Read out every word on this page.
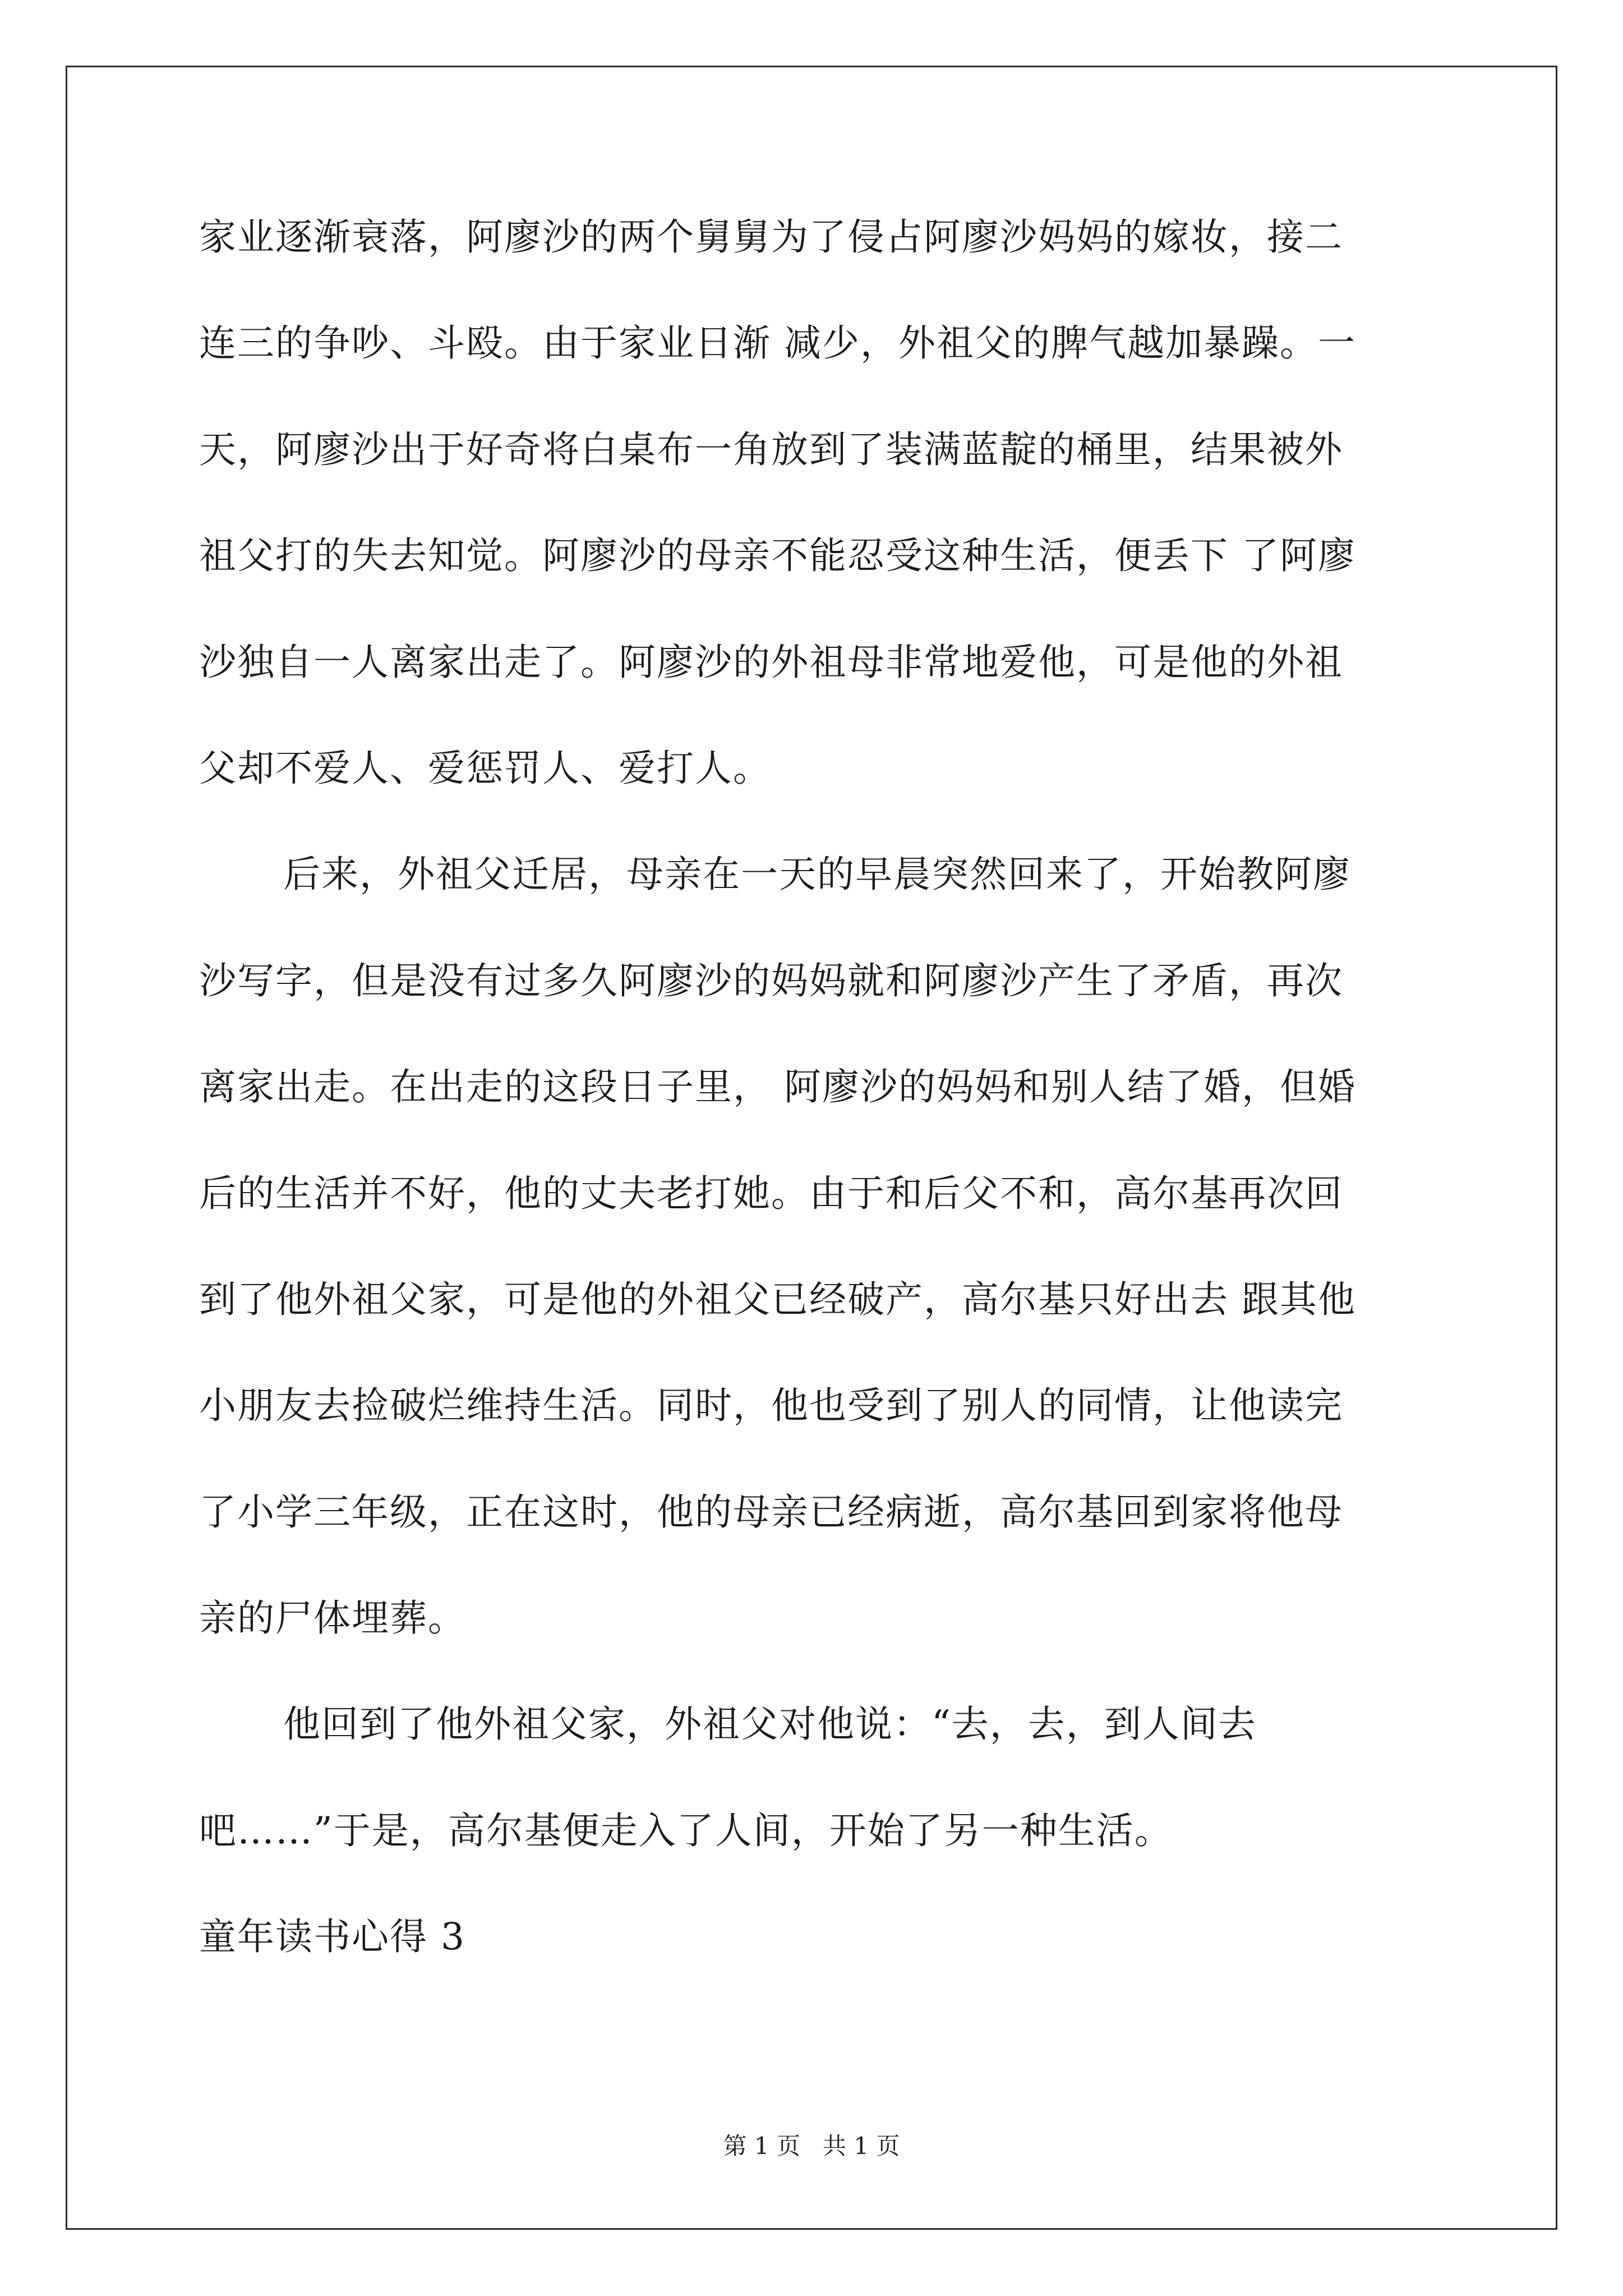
家业逐渐衰落，阿廖沙的两个舅舅为了侵占阿廖沙妈妈的嫁妆，接二
连三的争吵、斗殴。由于家业日渐 减少，外祖父的脾气越加暴躁。一
天，阿廖沙出于好奇将白桌布一角放到了装满蓝靛的桶里，结果被外
祖父打的失去知觉。阿廖沙的母亲不能忍受这种生活，便丢下 了阿廖
沙独自一人离家出走了。阿廖沙的外祖母非常地爱他，可是他的外祖
父却不爱人、爱惩罚人、爱打人。
后来，外祖父迁居，母亲在一天的早晨突然回来了，开始教阿廖
沙写字，但是没有过多久阿廖沙的妈妈就和阿廖沙产生了矛盾，再次
离家出走。在出走的这段日子里， 阿廖沙的妈妈和别人结了婚，但婚
后的生活并不好，他的丈夫老打她。由于和后父不和，高尔基再次回
到了他外祖父家，可是他的外祖父已经破产，高尔基只好出去 跟其他
小朋友去捡破烂维持生活。同时，他也受到了别人的同情，让他读完
了小学三年级，正在这时，他的母亲已经病逝，高尔基回到家将他母
亲的尸体埋葬。
他回到了他外祖父家，外祖父对他说：“去，去，到人间去
吧……”于是，高尔基便走入了人间，开始了另一种生活。
童年读书心得 3
第 1 页   共 1 页
